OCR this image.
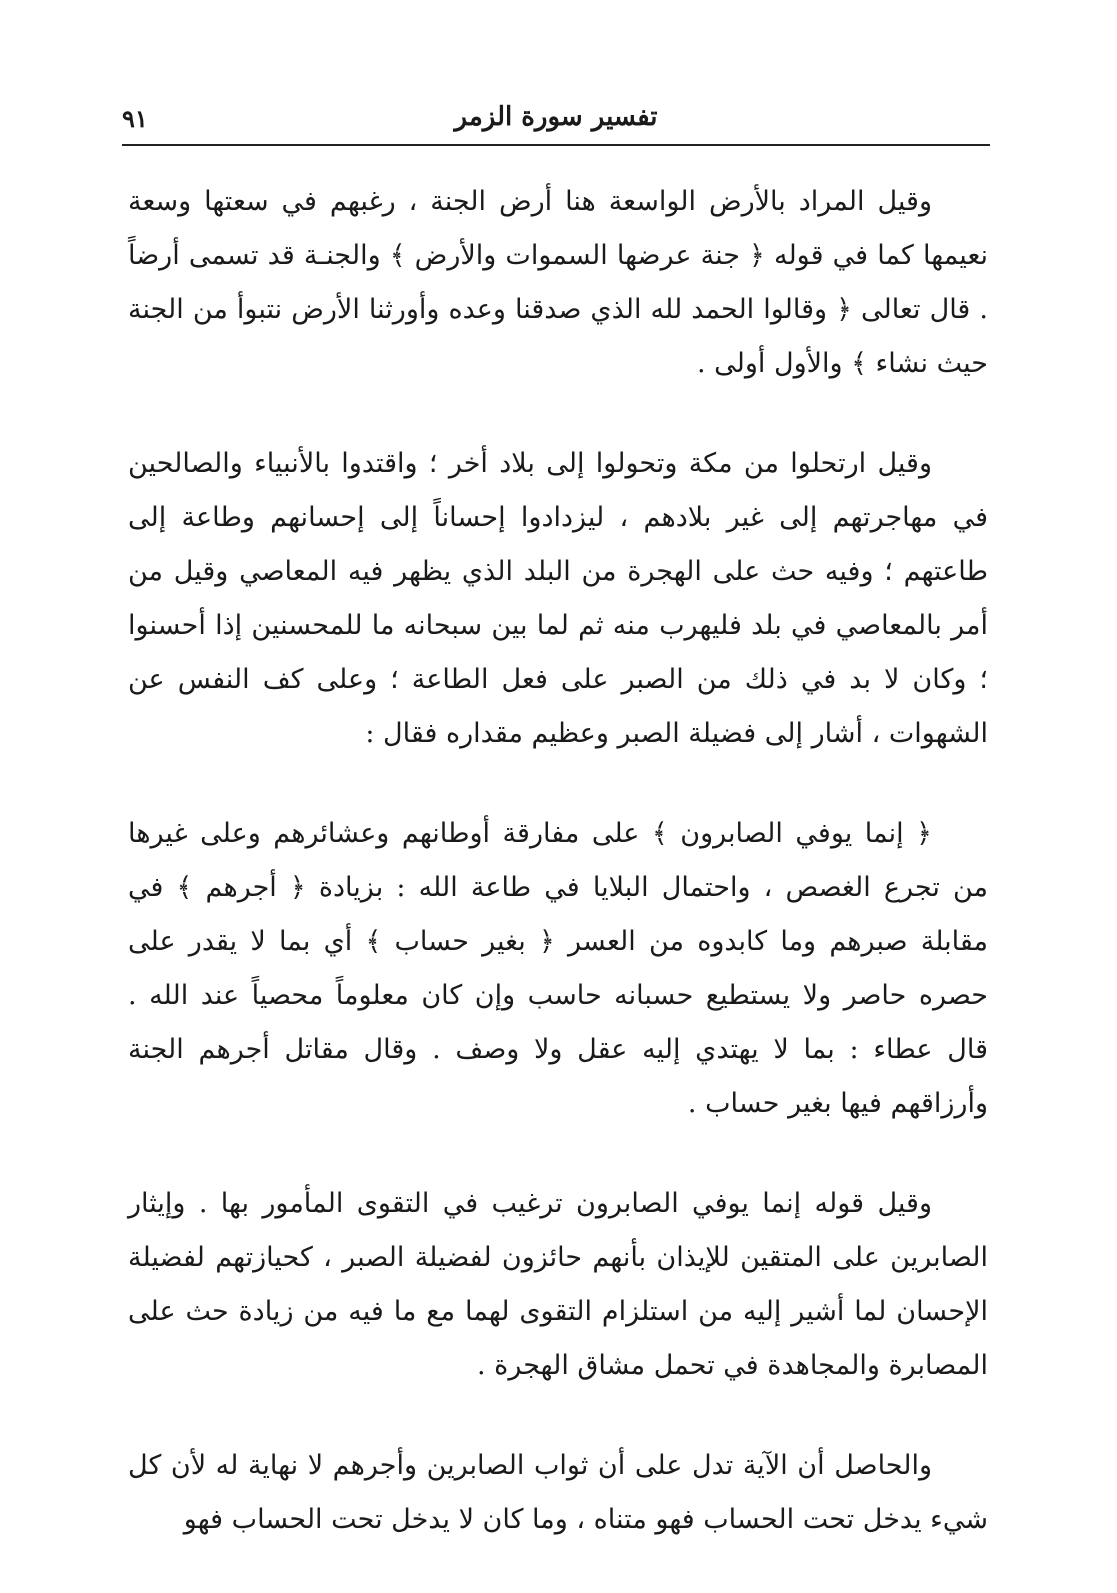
٩١	تفسير سورة الزمر

وقيل المراد بالأرض الواسعة هنا أرض الجنة ، رغبهم في سعتها وسعة نعيمها كما في قوله ﴿ جنة عرضها السموات والأرض ﴾ والجنـة قد تسمى أرضاً . قال تعالى ﴿ وقالوا الحمد لله الذي صدقنا وعده وأورثنا الأرض نتبوأ من الجنة حيث نشاء ﴾ والأول أولى .

وقيل ارتحلوا من مكة وتحولوا إلى بلاد أخر ؛ واقتدوا بالأنبياء والصالحين في مهاجرتهم إلى غير بلادهم ، ليزدادوا إحساناً إلى إحسانهم وطاعة إلى طاعتهم ؛ وفيه حث على الهجرة من البلد الذي يظهر فيه المعاصي وقيل من أمر بالمعاصي في بلد فليهرب منه ثم لما بين سبحانه ما للمحسنين إذا أحسنوا ؛ وكان لا بد في ذلك من الصبر على فعل الطاعة ؛ وعلى كف النفس عن الشهوات ، أشار إلى فضيلة الصبر وعظيم مقداره فقال :

﴿ إنما يوفي الصابرون ﴾ على مفارقة أوطانهم وعشائرهم وعلى غيرها من تجرع الغصص ، واحتمال البلايا في طاعة الله : بزيادة ﴿ أجرهم ﴾ في مقابلة صبرهم وما كابدوه من العسر ﴿ بغير حساب ﴾ أي بما لا يقدر على حصره حاصر ولا يستطيع حسبانه حاسب وإن كان معلوماً محصياً عند الله . قال عطاء : بما لا يهتدي إليه عقل ولا وصف . وقال مقاتل أجرهم الجنة وأرزاقهم فيها بغير حساب .

وقيل قوله إنما يوفي الصابرون ترغيب في التقوى المأمور بها . وإيثار الصابرين على المتقين للإيذان بأنهم حائزون لفضيلة الصبر ، كحيازتهم لفضيلة الإحسان لما أشير إليه من استلزام التقوى لهما مع ما فيه من زيادة حث على المصابرة والمجاهدة في تحمل مشاق الهجرة .

والحاصل أن الآية تدل على أن ثواب الصابرين وأجرهم لا نهاية له لأن كل شيء يدخل تحت الحساب فهو متناه ، وما كان لا يدخل تحت الحساب فهو
